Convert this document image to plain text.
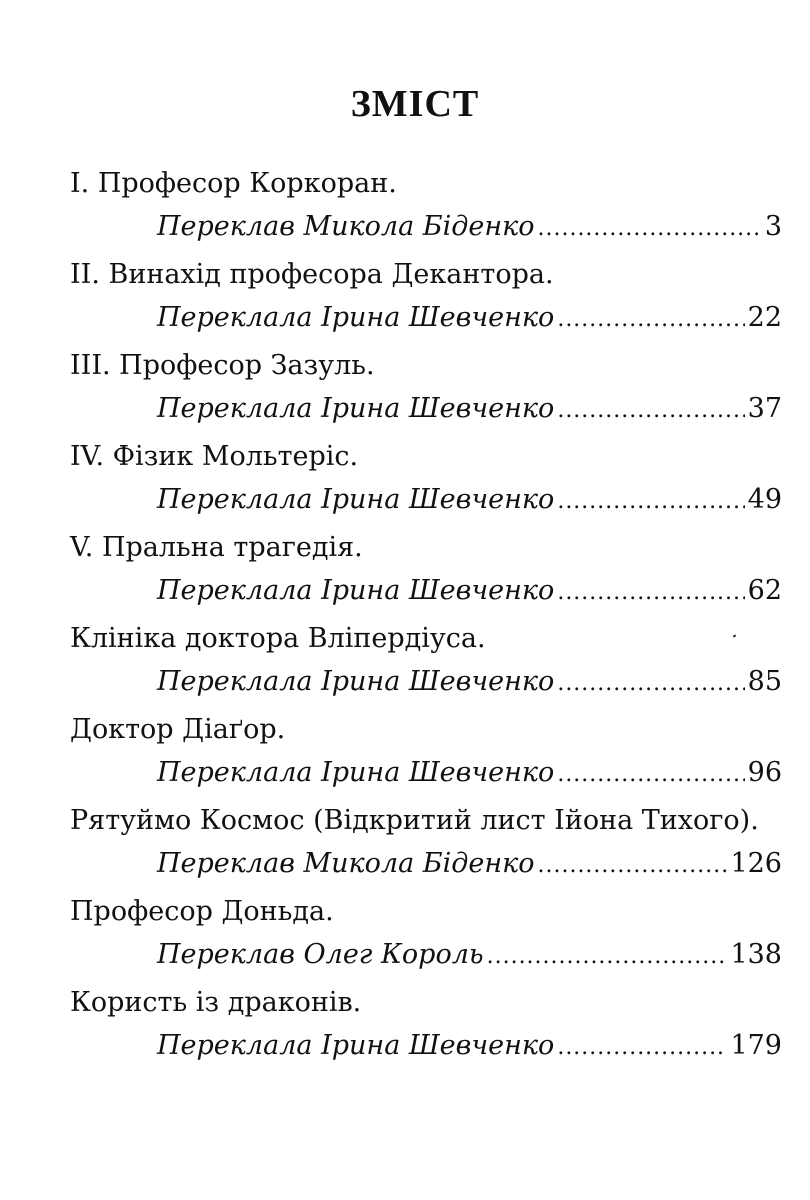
ЗМІСТ
І. Професор Коркоран.
Переклав Микола Біденко . . .	3
ІІ. Винахід професора Декантора.
Переклала Ірина Шевченко . . .	22
ІІІ. Професор Зазуль.
Переклала Ірина Шевченко . . .	37
IV. Фізик Мольтеріс.
Переклала Ірина Шевченко . . .	49
V. Пральна трагедія.
Переклала Ірина Шевченко . . .	62
Клініка доктора Вліпердіуса.
Переклала Ірина Шевченко . . .	85
Доктор Діаґор.
Переклала Ірина Шевченко . . .	96
Рятуймо Космос (Відкритий лист Ійона Тихого).
Переклав Микола Біденко . . .	126
Професор Доньда.
Переклав Олег Король . . .	138
Користь із драконів.
Переклала Ірина Шевченко . . .	179
